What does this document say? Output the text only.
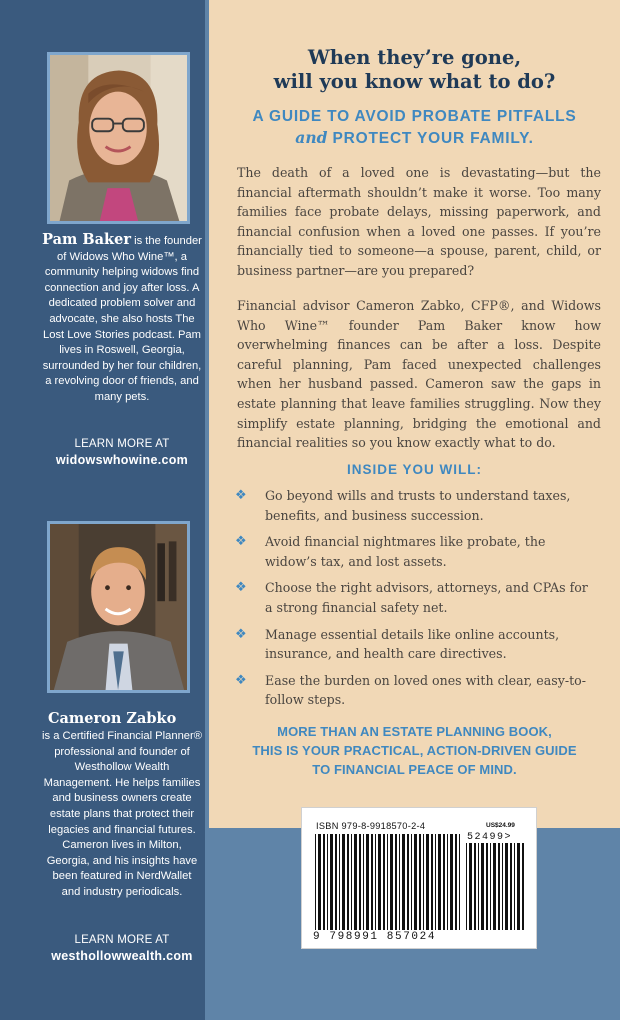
Pam Baker is the founder of Widows Who Wine™, a community helping widows find connection and joy after loss. A dedicated problem solver and advocate, she also hosts The Lost Love Stories podcast. Pam lives in Roswell, Georgia, surrounded by her four children, a revolving door of friends, and many pets.
LEARN MORE AT
widowswhowine.com
Cameron Zabko
is a Certified Financial Planner® professional and founder of Westhollow Wealth Management. He helps families and business owners create estate plans that protect their legacies and financial futures. Cameron lives in Milton, Georgia, and his insights have been featured in NerdWallet and industry periodicals.
LEARN MORE AT
westhollowwealth.com
When they’re gone,
will you know what to do?
A GUIDE TO AVOID PROBATE PITFALLS
and PROTECT YOUR FAMILY.

The death of a loved one is devastating—but the financial aftermath shouldn’t make it worse. Too many families face probate delays, missing paperwork, and financial confusion when a loved one passes. If you’re financially tied to someone—a spouse, parent, child, or business partner—are you prepared?

Financial advisor Cameron Zabko, CFP®, and Widows Who Wine™ founder Pam Baker know how overwhelming finances can be after a loss. Despite careful planning, Pam faced unexpected challenges when her husband passed. Cameron saw the gaps in estate planning that leave families struggling. Now they simplify estate planning, bridging the emotional and financial realities so you know exactly what to do.

INSIDE YOU WILL:
❖ Go beyond wills and trusts to understand taxes, benefits, and business succession.
❖ Avoid financial nightmares like probate, the widow’s tax, and lost assets.
❖ Choose the right advisors, attorneys, and CPAs for a strong financial safety net.
❖ Manage essential details like online accounts, insurance, and health care directives.
❖ Ease the burden on loved ones with clear, easy-to-follow steps.
MORE THAN AN ESTATE PLANNING BOOK,
THIS IS YOUR PRACTICAL, ACTION-DRIVEN GUIDE
TO FINANCIAL PEACE OF MIND.
ISBN 979-8-9918570-2-4	US$24.99
52499>
9 798991 857024
